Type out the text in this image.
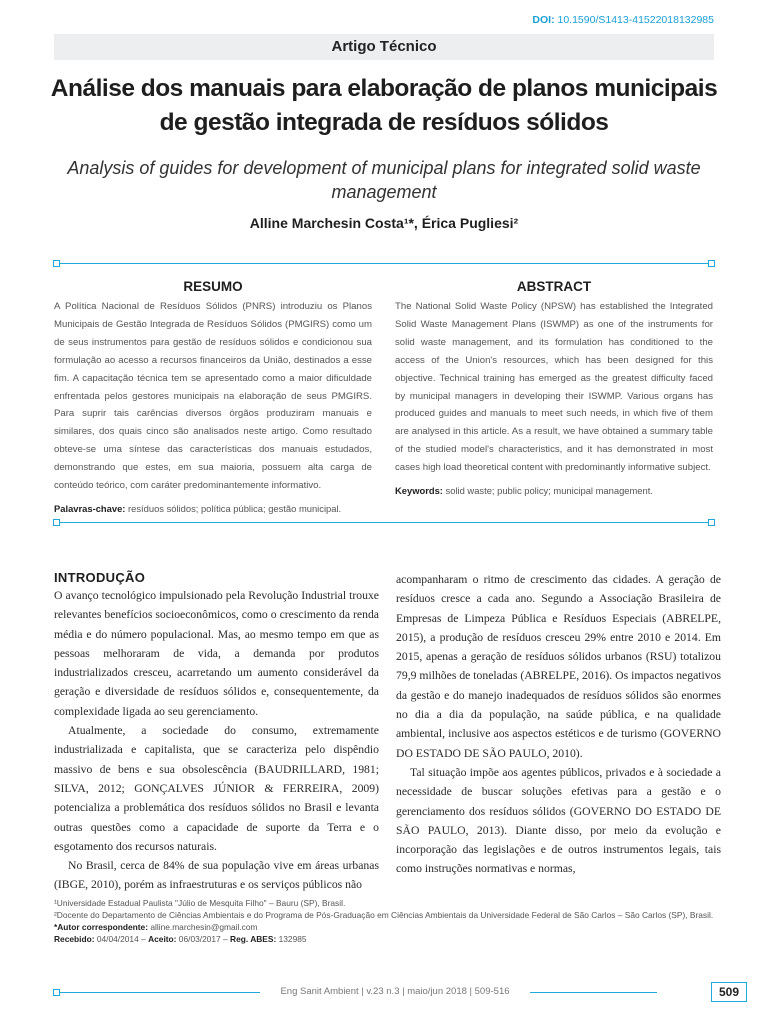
DOI: 10.1590/S1413-41522018132985
Artigo Técnico
Análise dos manuais para elaboração de planos municipais de gestão integrada de resíduos sólidos
Analysis of guides for development of municipal plans for integrated solid waste management
Alline Marchesin Costa¹*, Érica Pugliesi²
RESUMO

A Política Nacional de Resíduos Sólidos (PNRS) introduziu os Planos Municipais de Gestão Integrada de Resíduos Sólidos (PMGIRS) como um de seus instrumentos para gestão de resíduos sólidos e condicionou sua formulação ao acesso a recursos financeiros da União, destinados a esse fim. A capacitação técnica tem se apresentado como a maior dificuldade enfrentada pelos gestores municipais na elaboração de seus PMGIRS. Para suprir tais carências diversos órgãos produziram manuais e similares, dos quais cinco são analisados neste artigo. Como resultado obteve-se uma síntese das características dos manuais estudados, demonstrando que estes, em sua maioria, possuem alta carga de conteúdo teórico, com caráter predominantemente informativo.

Palavras-chave: resíduos sólidos; política pública; gestão municipal.
ABSTRACT

The National Solid Waste Policy (NPSW) has established the Integrated Solid Waste Management Plans (ISWMP) as one of the instruments for solid waste management, and its formulation has conditioned to the access of the Union's resources, which has been designed for this objective. Technical training has emerged as the greatest difficulty faced by municipal managers in developing their ISWMP. Various organs has produced guides and manuals to meet such needs, in which five of them are analysed in this article. As a result, we have obtained a summary table of the studied model's characteristics, and it has demonstrated in most cases high load theoretical content with predominantly informative subject.

Keywords: solid waste; public policy; municipal management.
INTRODUÇÃO

O avanço tecnológico impulsionado pela Revolução Industrial trouxe relevantes benefícios socioeconômicos, como o crescimento da renda média e do número populacional. Mas, ao mesmo tempo em que as pessoas melhoraram de vida, a demanda por produtos industrializados cresceu, acarretando um aumento considerável da geração e diversidade de resíduos sólidos e, consequentemente, da complexidade ligada ao seu gerenciamento.

Atualmente, a sociedade do consumo, extremamente industrializada e capitalista, que se caracteriza pelo dispêndio massivo de bens e sua obsolescência (BAUDRILLARD, 1981; SILVA, 2012; GONÇALVES JÚNIOR & FERREIRA, 2009) potencializa a problemática dos resíduos sólidos no Brasil e levanta outras questões como a capacidade de suporte da Terra e o esgotamento dos recursos naturais.

No Brasil, cerca de 84% de sua população vive em áreas urbanas (IBGE, 2010), porém as infraestruturas e os serviços públicos não

acompanharam o ritmo de crescimento das cidades. A geração de resíduos cresce a cada ano. Segundo a Associação Brasileira de Empresas de Limpeza Pública e Resíduos Especiais (ABRELPE, 2015), a produção de resíduos cresceu 29% entre 2010 e 2014. Em 2015, apenas a geração de resíduos sólidos urbanos (RSU) totalizou 79,9 milhões de toneladas (ABRELPE, 2016). Os impactos negativos da gestão e do manejo inadequados de resíduos sólidos são enormes no dia a dia da população, na saúde pública, e na qualidade ambiental, inclusive aos aspectos estéticos e de turismo (GOVERNO DO ESTADO DE SÃO PAULO, 2010).

Tal situação impõe aos agentes públicos, privados e à sociedade a necessidade de buscar soluções efetivas para a gestão e o gerenciamento dos resíduos sólidos (GOVERNO DO ESTADO DE SÃO PAULO, 2013). Diante disso, por meio da evolução e incorporação das legislações e de outros instrumentos legais, tais como instruções normativas e normas,

¹Universidade Estadual Paulista "Júlio de Mesquita Filho" – Bauru (SP), Brasil.
²Docente do Departamento de Ciências Ambientais e do Programa de Pós-Graduação em Ciências Ambientais da Universidade Federal de São Carlos – São Carlos (SP), Brasil.
*Autor correspondente: alline.marchesin@gmail.com
Recebido: 04/04/2014 – Aceito: 06/03/2017 – Reg. ABES: 132985
Eng Sanit Ambient | v.23 n.3 | maio/jun 2018 | 509-516	509
